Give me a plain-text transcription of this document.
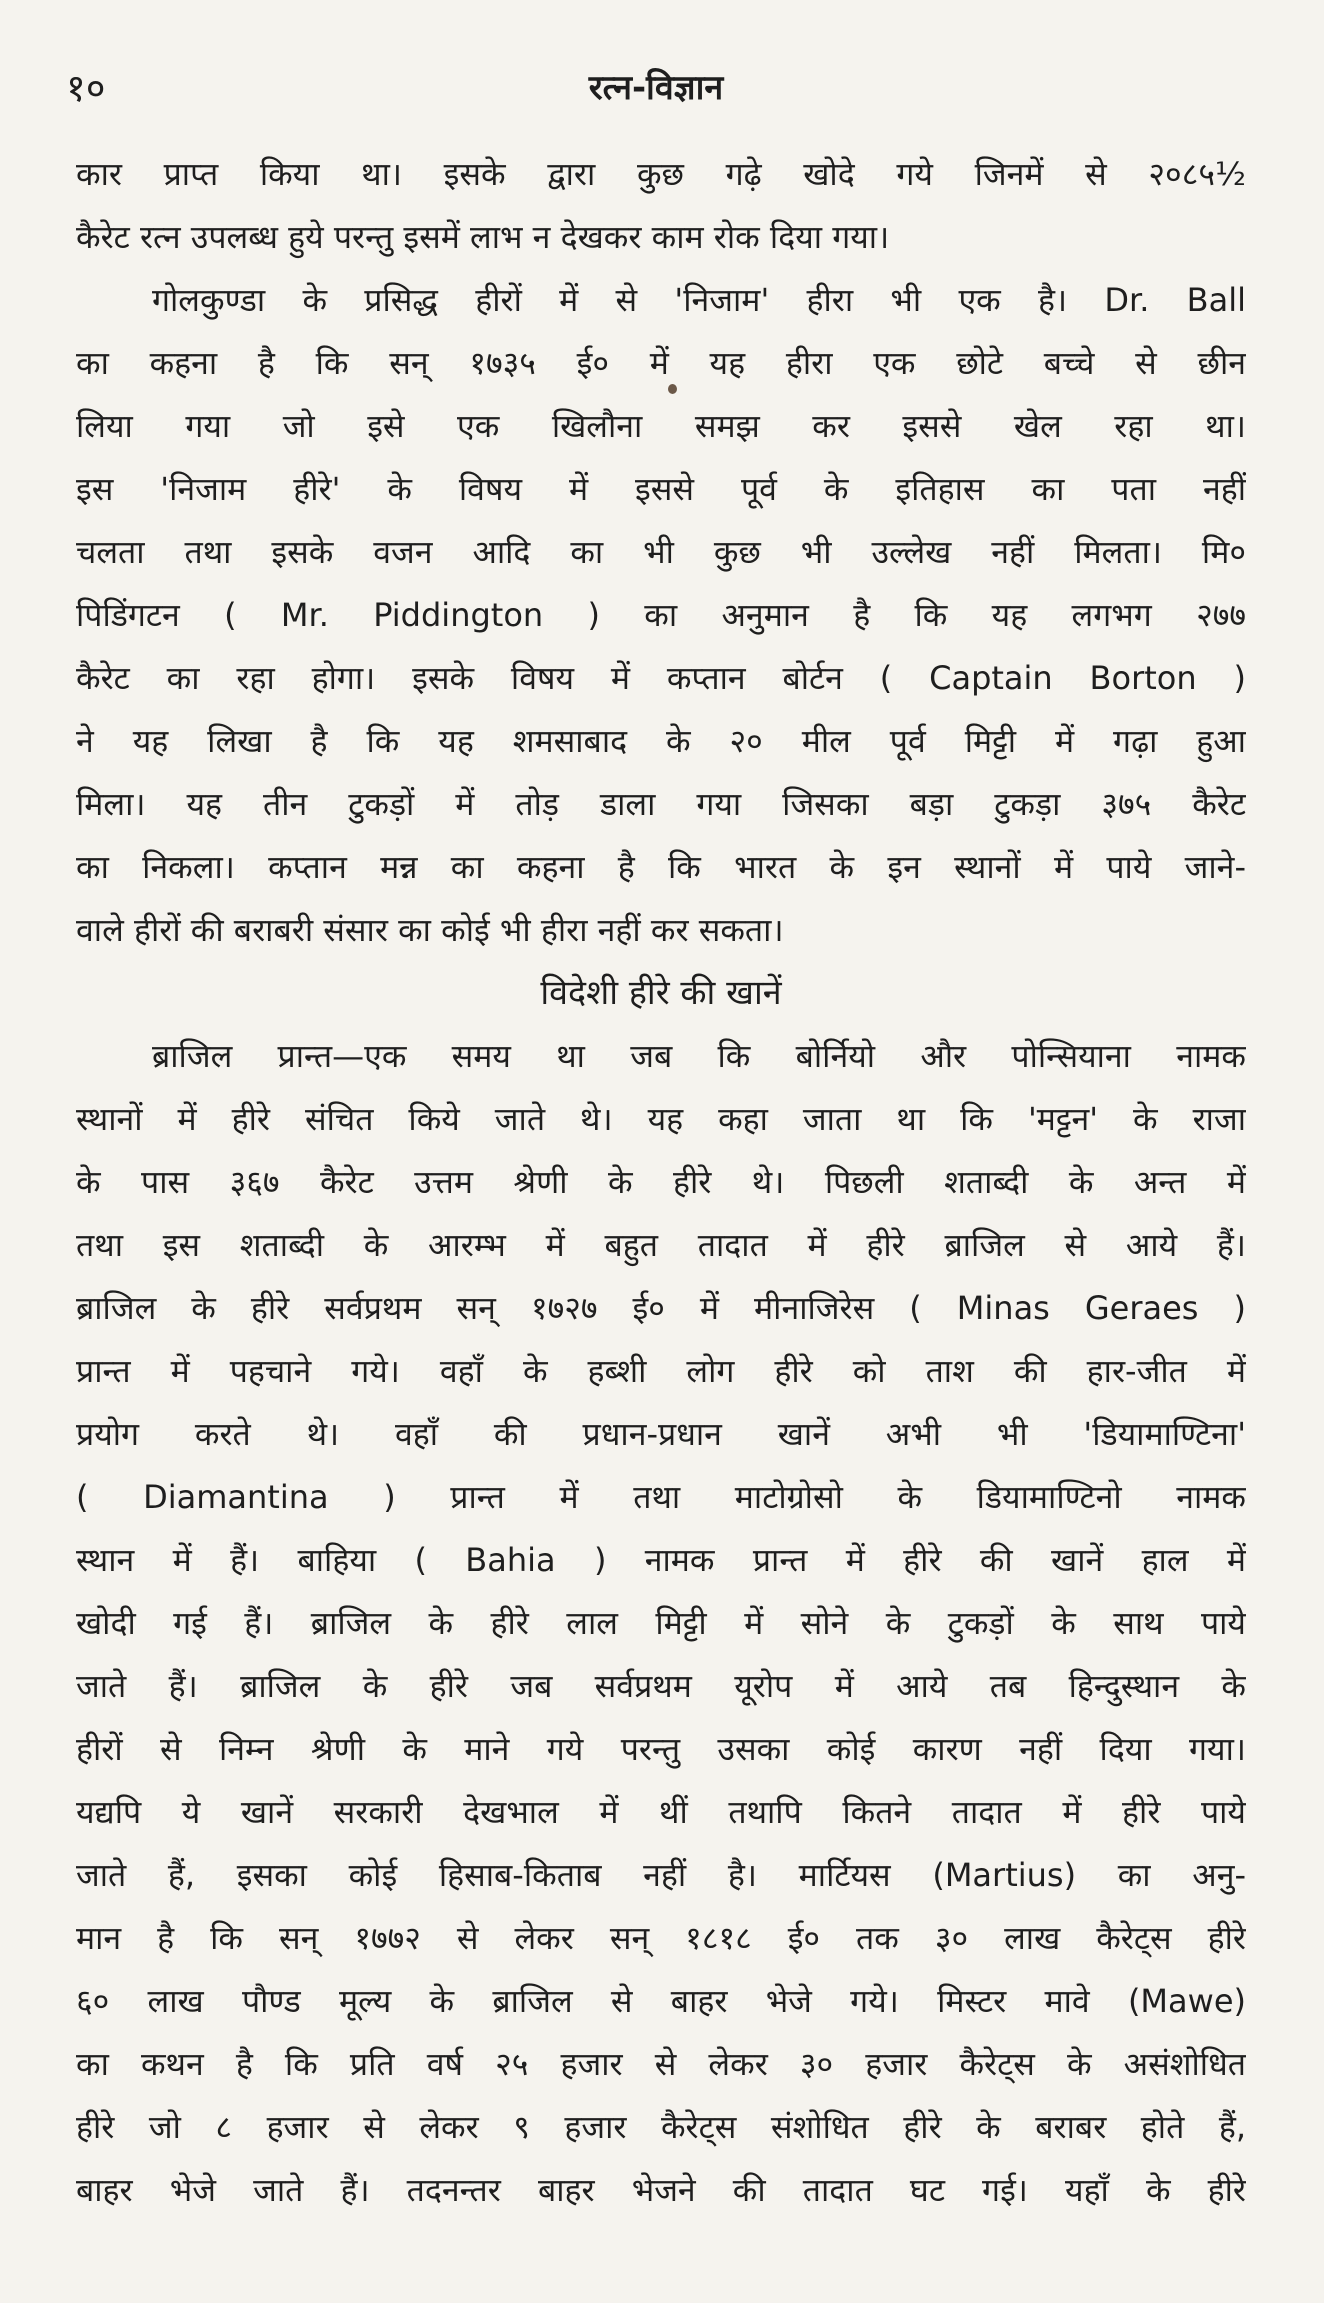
१०	रत्न-विज्ञान
कार प्राप्त किया था। इसके द्वारा कुछ गढ़े खोदे गये जिनमें से २०८५½
कैरेट रत्न उपलब्ध हुये परन्तु इसमें लाभ न देखकर काम रोक दिया गया।
गोलकुण्डा के प्रसिद्ध हीरों में से 'निजाम' हीरा भी एक है। Dr. Ball
का कहना है कि सन् १७३५ ई० में यह हीरा एक छोटे बच्चे से छीन
लिया गया जो इसे एक खिलौना समझ कर इससे खेल रहा था।
इस 'निजाम हीरे' के विषय में इससे पूर्व के इतिहास का पता नहीं
चलता तथा इसके वजन आदि का भी कुछ भी उल्लेख नहीं मिलता। मि०
पिडिंगटन ( Mr. Piddington ) का अनुमान है कि यह लगभग २७७
कैरेट का रहा होगा। इसके विषय में कप्तान बोर्टन ( Captain Borton )
ने यह लिखा है कि यह शमसाबाद के २० मील पूर्व मिट्टी में गढ़ा हुआ
मिला। यह तीन टुकड़ों में तोड़ डाला गया जिसका बड़ा टुकड़ा ३७५ कैरेट
का निकला। कप्तान मन्न का कहना है कि भारत के इन स्थानों में पाये जाने-
वाले हीरों की बराबरी संसार का कोई भी हीरा नहीं कर सकता।
विदेशी हीरे की खानें
ब्राजिल प्रान्त—एक समय था जब कि बोर्नियो और पोन्सियाना नामक
स्थानों में हीरे संचित किये जाते थे। यह कहा जाता था कि 'मट्टन' के राजा
के पास ३६७ कैरेट उत्तम श्रेणी के हीरे थे। पिछली शताब्दी के अन्त में
तथा इस शताब्दी के आरम्भ में बहुत तादात में हीरे ब्राजिल से आये हैं।
ब्राजिल के हीरे सर्वप्रथम सन् १७२७ ई० में मीनाजिरेस ( Minas Geraes )
प्रान्त में पहचाने गये। वहाँ के हब्शी लोग हीरे को ताश की हार-जीत में
प्रयोग करते थे। वहाँ की प्रधान-प्रधान खानें अभी भी 'डियामाण्टिना'
( Diamantina ) प्रान्त में तथा माटोग्रोसो के डियामाण्टिनो नामक
स्थान में हैं। बाहिया ( Bahia ) नामक प्रान्त में हीरे की खानें हाल में
खोदी गई हैं। ब्राजिल के हीरे लाल मिट्टी में सोने के टुकड़ों के साथ पाये
जाते हैं। ब्राजिल के हीरे जब सर्वप्रथम यूरोप में आये तब हिन्दुस्थान के
हीरों से निम्न श्रेणी के माने गये परन्तु उसका कोई कारण नहीं दिया गया।
यद्यपि ये खानें सरकारी देखभाल में थीं तथापि कितने तादात में हीरे पाये
जाते हैं, इसका कोई हिसाब-किताब नहीं है। मार्टियस (Martius) का अनु-
मान है कि सन् १७७२ से लेकर सन् १८१८ ई० तक ३० लाख कैरेट्स हीरे
६० लाख पौण्ड मूल्य के ब्राजिल से बाहर भेजे गये। मिस्टर मावे (Mawe)
का कथन है कि प्रति वर्ष २५ हजार से लेकर ३० हजार कैरेट्स के असंशोधित
हीरे जो ८ हजार से लेकर ९ हजार कैरेट्स संशोधित हीरे के बराबर होते हैं,
बाहर भेजे जाते हैं। तदनन्तर बाहर भेजने की तादात घट गई। यहाँ के हीरे
